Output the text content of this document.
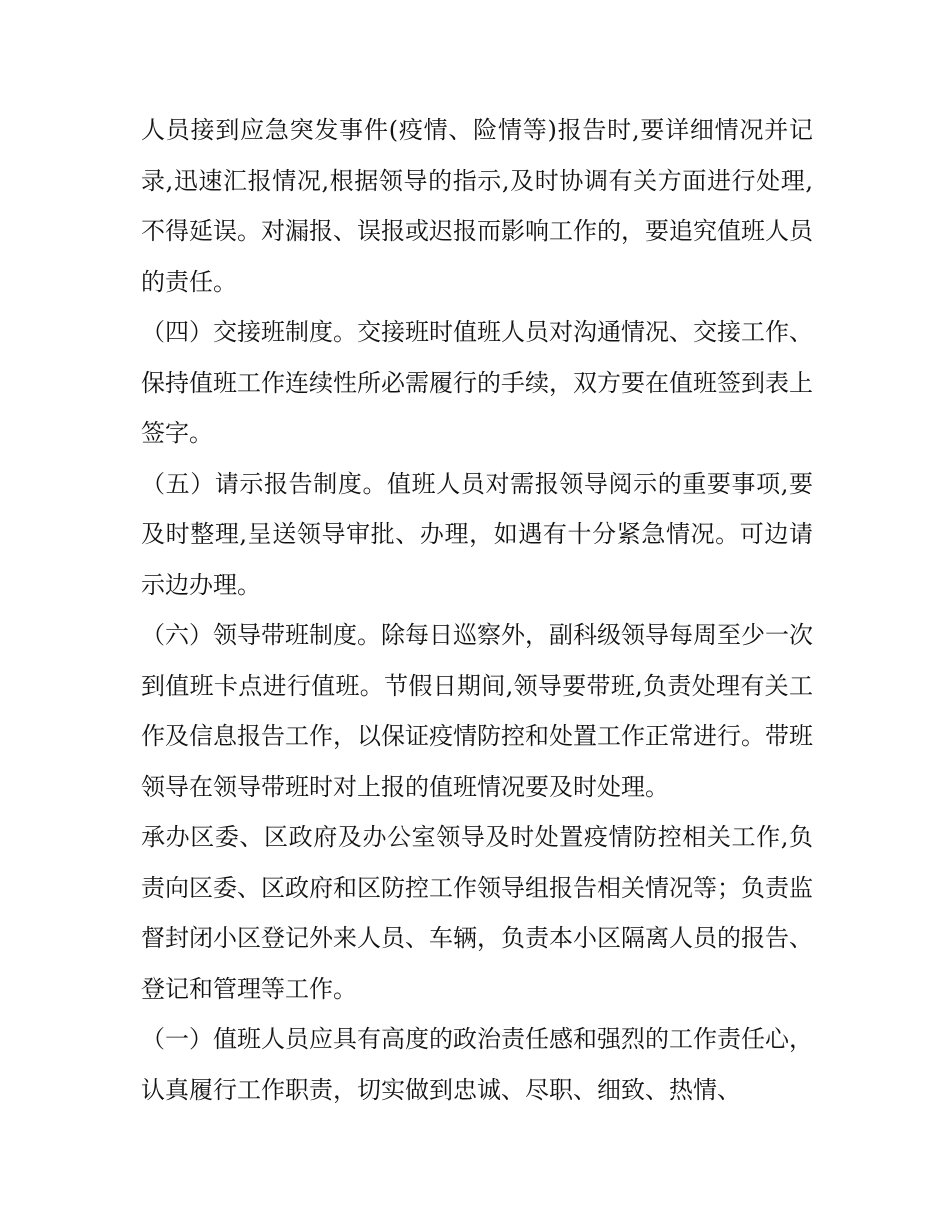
人员接到应急突发事件(疫情、险情等)报告时,要详细情况并记录,迅速汇报情况,根据领导的指示,及时协调有关方面进行处理,不得延误。对漏报、误报或迟报而影响工作的，要追究值班人员的责任。

（四）交接班制度。交接班时值班人员对沟通情况、交接工作、保持值班工作连续性所必需履行的手续，双方要在值班签到表上签字。

（五）请示报告制度。值班人员对需报领导阅示的重要事项,要及时整理,呈送领导审批、办理，如遇有十分紧急情况。可边请示边办理。

（六）领导带班制度。除每日巡察外，副科级领导每周至少一次到值班卡点进行值班。节假日期间,领导要带班,负责处理有关工作及信息报告工作，以保证疫情防控和处置工作正常进行。带班领导在领导带班时对上报的值班情况要及时处理。

承办区委、区政府及办公室领导及时处置疫情防控相关工作,负责向区委、区政府和区防控工作领导组报告相关情况等；负责监督封闭小区登记外来人员、车辆，负责本小区隔离人员的报告、登记和管理等工作。

（一）值班人员应具有高度的政治责任感和强烈的工作责任心，认真履行工作职责，切实做到忠诚、尽职、细致、热情、
